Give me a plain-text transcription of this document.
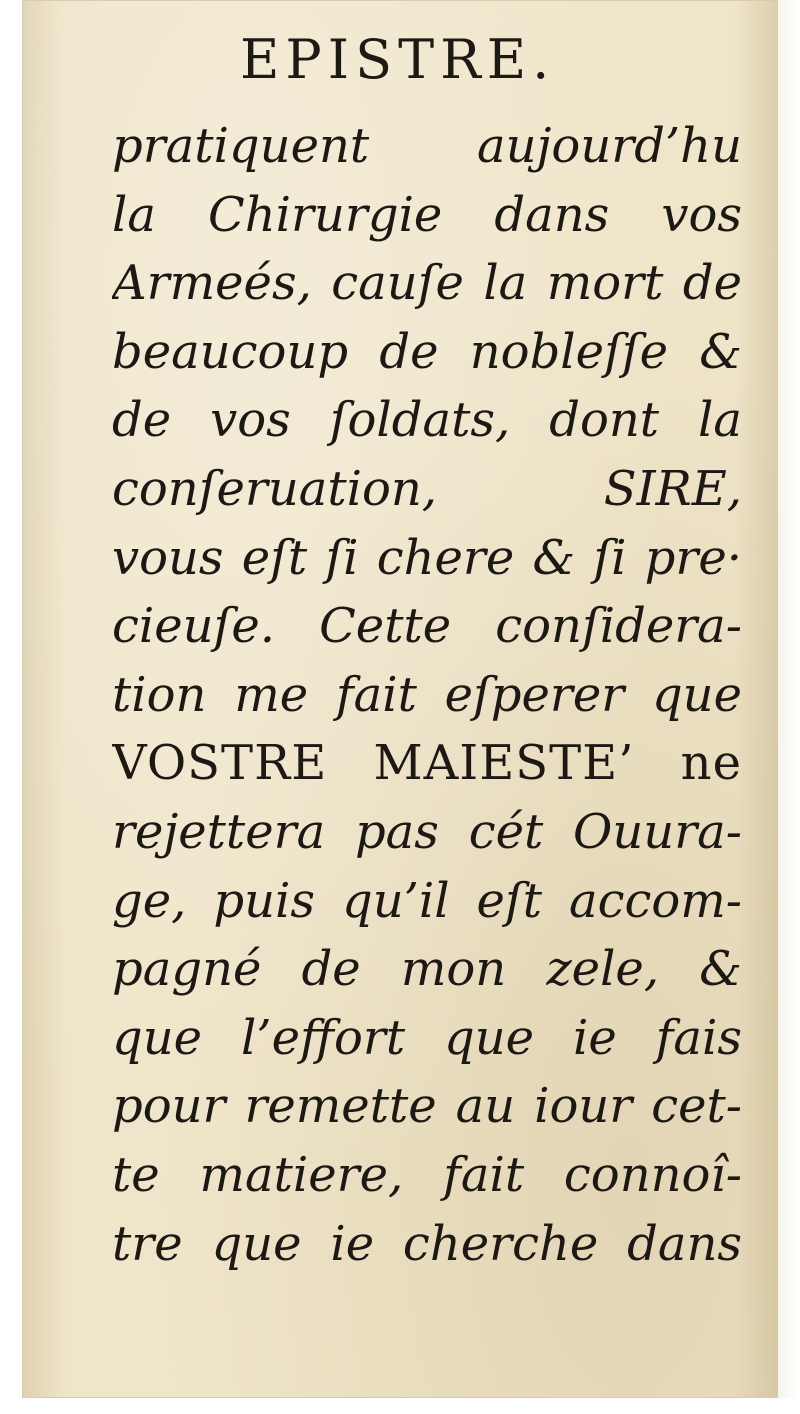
EPISTRE.
pratiquent aujourd’hu
la Chirurgie dans vos
Armeés, cauſe la mort de
beaucoup de nobleſſe &
de vos ſoldats, dont la
conſeruation, SIRE,
vous eſt ſi chere & ſi pre·
cieuſe. Cette conſidera-
tion me fait eſperer que
VOSTRE MAIESTE’ ne
rejettera pas cét Ouura-
ge, puis qu’il eſt accom-
pagné de mon zele, &
que l’effort que ie fais
pour remette au iour cet-
te matiere, fait connoî-
tre que ie cherche dans
